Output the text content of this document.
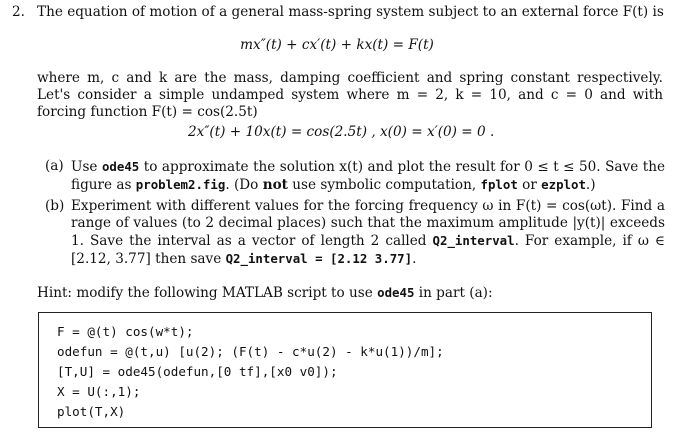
2. The equation of motion of a general mass-spring system subject to an external force F(t) is
mx″(t) + cx′(t) + kx(t) = F(t)
where m, c and k are the mass, damping coefficient and spring constant respectively. Let's consider a simple undamped system where m = 2, k = 10, and c = 0 and with forcing function F(t) = cos(2.5t)
2x″(t) + 10x(t) = cos(2.5t) , x(0) = x′(0) = 0 .
(a) Use ode45 to approximate the solution x(t) and plot the result for 0 ≤ t ≤ 50. Save the figure as problem2.fig. (Do not use symbolic computation, fplot or ezplot.)
(b) Experiment with different values for the forcing frequency ω in F(t) = cos(ωt). Find a range of values (to 2 decimal places) such that the maximum amplitude |y(t)| exceeds 1. Save the interval as a vector of length 2 called Q2_interval. For example, if ω ∈ [2.12, 3.77] then save Q2_interval = [2.12 3.77].
Hint: modify the following MATLAB script to use ode45 in part (a):
F = @(t) cos(w*t);
odefun = @(t,u) [u(2); (F(t) - c*u(2) - k*u(1))/m];
[T,U] = ode45(odefun,[0 tf],[x0 v0]);
X = U(:,1);
plot(T,X)
